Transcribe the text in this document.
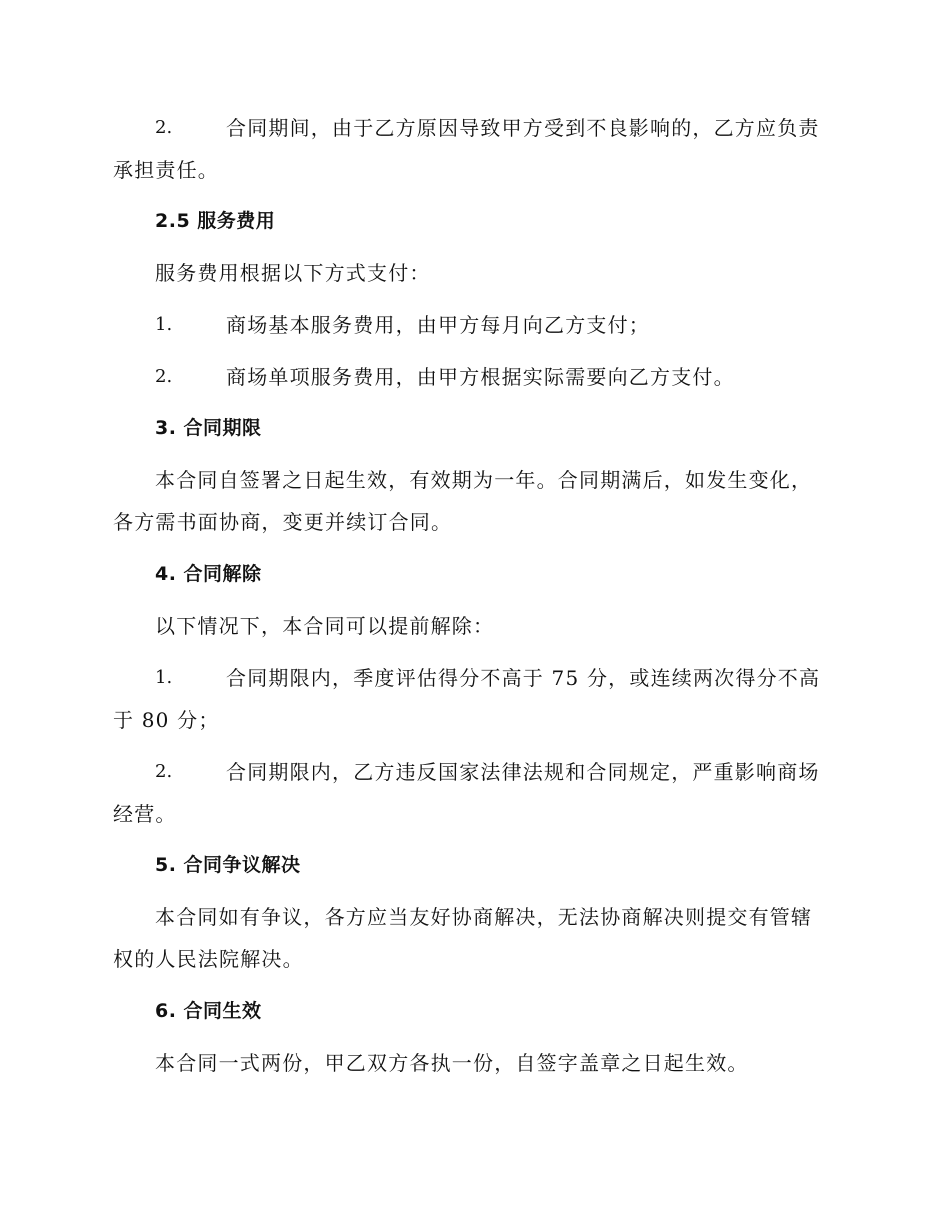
2.	合同期间，由于乙方原因导致甲方受到不良影响的，乙方应负责
承担责任。
2.5 服务费用
服务费用根据以下方式支付：
1.	商场基本服务费用，由甲方每月向乙方支付；
2.	商场单项服务费用，由甲方根据实际需要向乙方支付。
3. 合同期限
本合同自签署之日起生效，有效期为一年。合同期满后，如发生变化，
各方需书面协商，变更并续订合同。
4. 合同解除
以下情况下，本合同可以提前解除：
1.	合同期限内，季度评估得分不高于 75 分，或连续两次得分不高
于 80 分；
2.	合同期限内，乙方违反国家法律法规和合同规定，严重影响商场
经营。
5. 合同争议解决
本合同如有争议，各方应当友好协商解决，无法协商解决则提交有管辖
权的人民法院解决。
6. 合同生效
本合同一式两份，甲乙双方各执一份，自签字盖章之日起生效。
